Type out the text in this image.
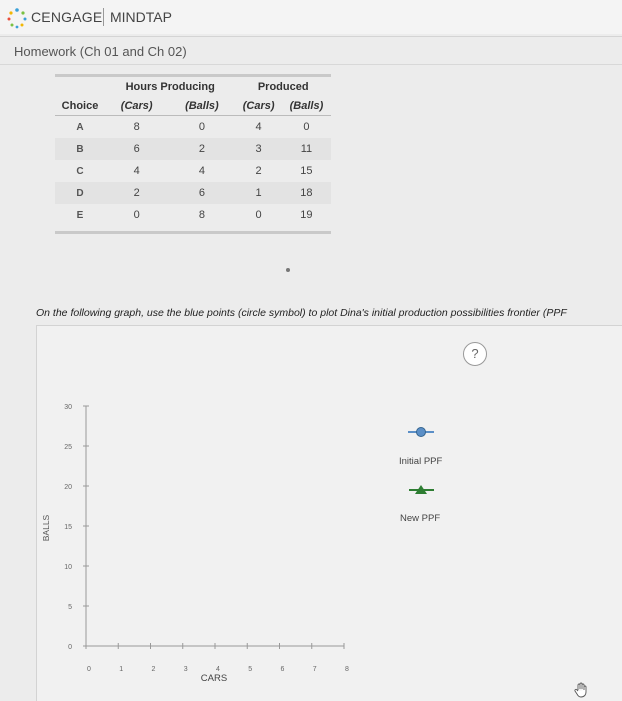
CENGAGE MINDTAP
Homework (Ch 01 and Ch 02)
	Hours Producing		Produced	
Choice	(Cars)	(Balls)	(Cars)	(Balls)
A	8	0	4	0
B	6	2	3	11
C	4	4	2	15
D	2	6	1	18
E	0	8	0	19
On the following graph, use the blue points (circle symbol) to plot Dina's initial production possibilities frontier (PPF
?
0
5
10
15
20
25
30
0	1	2	3	4	5	6	7	8
CARS
BALLS
Initial PPF
New PPF
